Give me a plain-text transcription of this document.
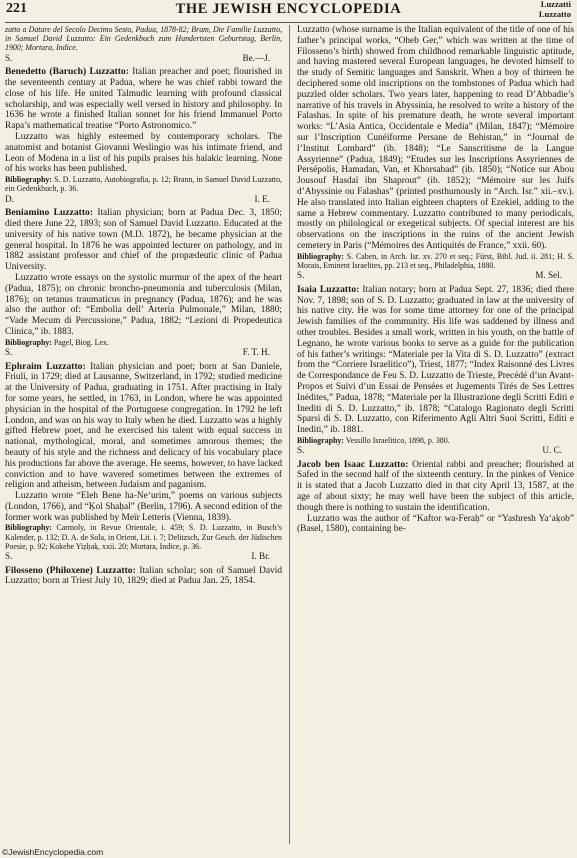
221	THE JEWISH ENCYCLOPEDIA	Luzzatti
Luzzatto

zatto a Datare del Secolo Decimo Sesto, Padua, 1878-82; Bram, Die Familie Luzzatto, in Samuel David Luzzatto: Ein Gedenkbuch zum Hundertsten Geburtstag, Berlin, 1900; Mortara, Indice.

S.	Be.—J.

Benedetto (Baruch) Luzzatto: Italian preacher and poet; flourished in the seventeenth century at Padua, where he was chief rabbi toward the close of his life. He united Talmudic learning with profound classical scholarship, and was especially well versed in history and philosophy. In 1636 he wrote a finished Italian sonnet for his friend Immanuel Porto Rapa’s mathematical treatise “Porto Astronomico.”

Luzzatto was highly esteemed by contemporary scholars. The anatomist and botanist Giovanni Weslingio was his intimate friend, and Leon of Modena in a list of his pupils praises his halakic learning. None of his works has been published.

Bibliography: S. D. Luzzatto, Autobiografia, p. 12; Brann, in Samuel David Luzzatto, ein Gedenkbuch, p. 36.

D.	I. E.

Beniamino Luzzatto: Italian physician; born at Padua Dec. 3, 1850; died there June 22, 1893; son of Samuel David Luzzatto. Educated at the university of his native town (M.D. 1872), he became physician at the general hospital. In 1876 he was appointed lecturer on pathology, and in 1882 assistant professor and chief of the propædeutic clinic of Padua University.

Luzzatto wrote essays on the systolic murmur of the apex of the heart (Padua, 1875); on chronic broncho-pneumonia and tuberculosis (Milan, 1876); on tetanus traumaticus in pregnancy (Padua, 1876); and he was also the author of: “Embolia dell’ Arteria Pulmonale,” Milan, 1880; “Vade Mecum di Percussione,” Padua, 1882; “Lezioni di Propedeutica Clinica,” ib. 1883.

Bibliography: Pagel, Biog. Lex.

S.	F. T. H.

Ephraim Luzzatto: Italian physician and poet; born at San Daniele, Friuli, in 1729; died at Lausanne, Switzerland, in 1792; studied medicine at the University of Padua, graduating in 1751. After practising in Italy for some years, he settled, in 1763, in London, where he was appointed physician in the hospital of the Portuguese congregation. In 1792 he left London, and was on his way to Italy when he died. Luzzatto was a highly gifted Hebrew poet, and he exercised his talent with equal success in national, mythological, moral, and sometimes amorous themes; the beauty of his style and the richness and delicacy of his vocabulary place his productions far above the average. He seems, however, to have lacked conviction and to have wavered sometimes between the extremes of religion and atheism, between Judaism and paganism.

Luzzatto wrote “Eleh Bene ha-Ne‘urim,” poems on various subjects (London, 1766), and “Ḳol Shaḥal” (Berlin, 1796). A second edition of the former work was published by Meïr Letteris (Vienna, 1839).

Bibliography: Carmoly, in Revue Orientale, i. 459; S. D. Luzzatto, in Busch’s Kalender, p. 132; D. A. de Sola, in Orient, Lit. i. 7; Delitzsch, Zur Gesch. der Jüdischen Poesie, p. 92; Kokebe Yiẓḥaḳ, xxii. 20; Mortara, Indice, p. 36.

S.	I. Br.

Filosseno (Philoxene) Luzzatto: Italian scholar; son of Samuel David Luzzatto; born at Triest July 10, 1829; died at Padua Jan. 25, 1854.

Luzzatto (whose surname is the Italian equivalent of the title of one of his father’s principal works, “Oheb Ger,” which was written at the time of Filosseno’s birth) showed from childhood remarkable linguistic aptitude, and having mastered several European languages, he devoted himself to the study of Semitic languages and Sanskrit. When a boy of thirteen he deciphered some old inscriptions on the tombstones of Padua which had puzzled older scholars. Two years later, happening to read D’Abbadie’s narrative of his travels in Abyssinia, he resolved to write a history of the Falashas. In spite of his premature death, he wrote several important works: “L’Asia Antica, Occidentale e Media” (Milan, 1847); “Mémoire sur l’Inscription Cunéiforme Persane de Behistan,” in “Journal de l’Institut Lombard” (ib. 1848); “Le Sanscritisme de la Langue Assyrienne” (Padua, 1849); “Etudes sur les Inscriptions Assyriennes de Persépolis, Hamadan, Van, et Khorsabad” (ib. 1850); “Notice sur Abou Jousouf Hasdaï ibn Shaprout” (ib. 1852); “Mémoire sur les Juifs d’Abyssinie ou Falashas” (printed posthumously in “Arch. Isr.” xii.–xv.). He also translated into Italian eighteen chapters of Ezekiel, adding to the same a Hebrew commentary. Luzzatto contributed to many periodicals, mostly on philological or exegetical subjects. Of special interest are his observations on the inscriptions in the ruins of the ancient Jewish cemetery in Paris (“Mémoires des Antiquités de France,” xxii. 60).

Bibliography: S. Caben, in Arch. Isr. xv. 270 et seq.; Fürst, Bibl. Jud. ii. 281; H. S. Morais, Eminent Israelites, pp. 213 et seq., Philadelphia, 1880.

S.	M. Sel.

Isaia Luzzatto: Italian notary; born at Padua Sept. 27, 1836; died there Nov. 7, 1898; son of S. D. Luzzatto; graduated in law at the university of his native city. He was for some time attorney for one of the principal Jewish families of the community. His life was saddened by illness and other troubles. Besides a small work, written in his youth, on the battle of Legnano, he wrote various books to serve as a guide for the publication of his father’s writings: “Materiale per la Vita di S. D. Luzzatto” (extract from the “Corriere Israelitico”), Triest, 1877; “Index Raisonné des Livres de Correspondance de Feu S. D. Luzzatto de Trieste, Precédé d’un Avant-Propos et Suivi d’un Essai de Pensées et Jugements Tirés de Ses Lettres Inédites,” Padua, 1878; “Materiale per la Illustrazione degli Scritti Editi e Inediti di S. D. Luzzatto,” ib. 1878; “Catalogo Ragionato degli Scritti Sparsi di S. D. Luzzatto, con Riferimento Agli Altri Suoi Scritti, Editi e Inediti,” ib. 1881.

Bibliography: Vessillo Israelitico, 1898, p. 380.

S.	U. C.

Jacob ben Isaac Luzzatto: Oriental rabbi and preacher; flourished at Safed in the second half of the sixteenth century. In the pinkes of Venice it is stated that a Jacob Luzzatto died in that city April 13, 1587, at the age of about sixty; he may well have been the subject of this article, though there is nothing to sustain the identification.

Luzzatto was the author of “Kaftor wa-Feraḥ” or “Yashresh Ya‘aḳob” (Basel, 1580), containing be-

©JewishEncyclopedia.com
